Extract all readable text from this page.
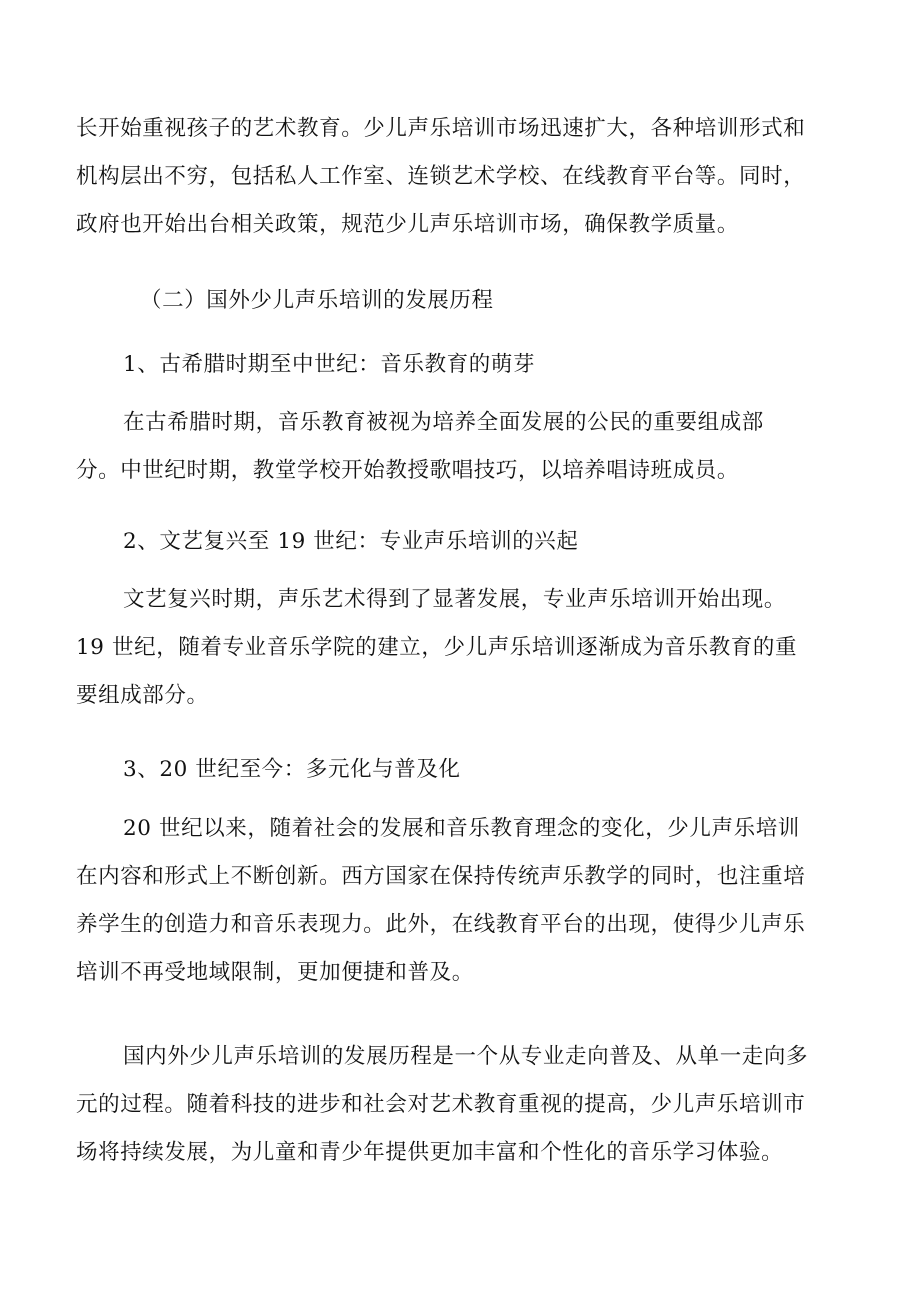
长开始重视孩子的艺术教育。少儿声乐培训市场迅速扩大，各种培训形式和
机构层出不穷，包括私人工作室、连锁艺术学校、在线教育平台等。同时，
政府也开始出台相关政策，规范少儿声乐培训市场，确保教学质量。
（二）国外少儿声乐培训的发展历程
1、古希腊时期至中世纪：音乐教育的萌芽
在古希腊时期，音乐教育被视为培养全面发展的公民的重要组成部
分。中世纪时期，教堂学校开始教授歌唱技巧，以培养唱诗班成员。
2、文艺复兴至 19 世纪：专业声乐培训的兴起
文艺复兴时期，声乐艺术得到了显著发展，专业声乐培训开始出现。
19 世纪，随着专业音乐学院的建立，少儿声乐培训逐渐成为音乐教育的重
要组成部分。
3、20 世纪至今：多元化与普及化
20 世纪以来，随着社会的发展和音乐教育理念的变化，少儿声乐培训
在内容和形式上不断创新。西方国家在保持传统声乐教学的同时，也注重培
养学生的创造力和音乐表现力。此外，在线教育平台的出现，使得少儿声乐
培训不再受地域限制，更加便捷和普及。
国内外少儿声乐培训的发展历程是一个从专业走向普及、从单一走向多
元的过程。随着科技的进步和社会对艺术教育重视的提高，少儿声乐培训市
场将持续发展，为儿童和青少年提供更加丰富和个性化的音乐学习体验。
